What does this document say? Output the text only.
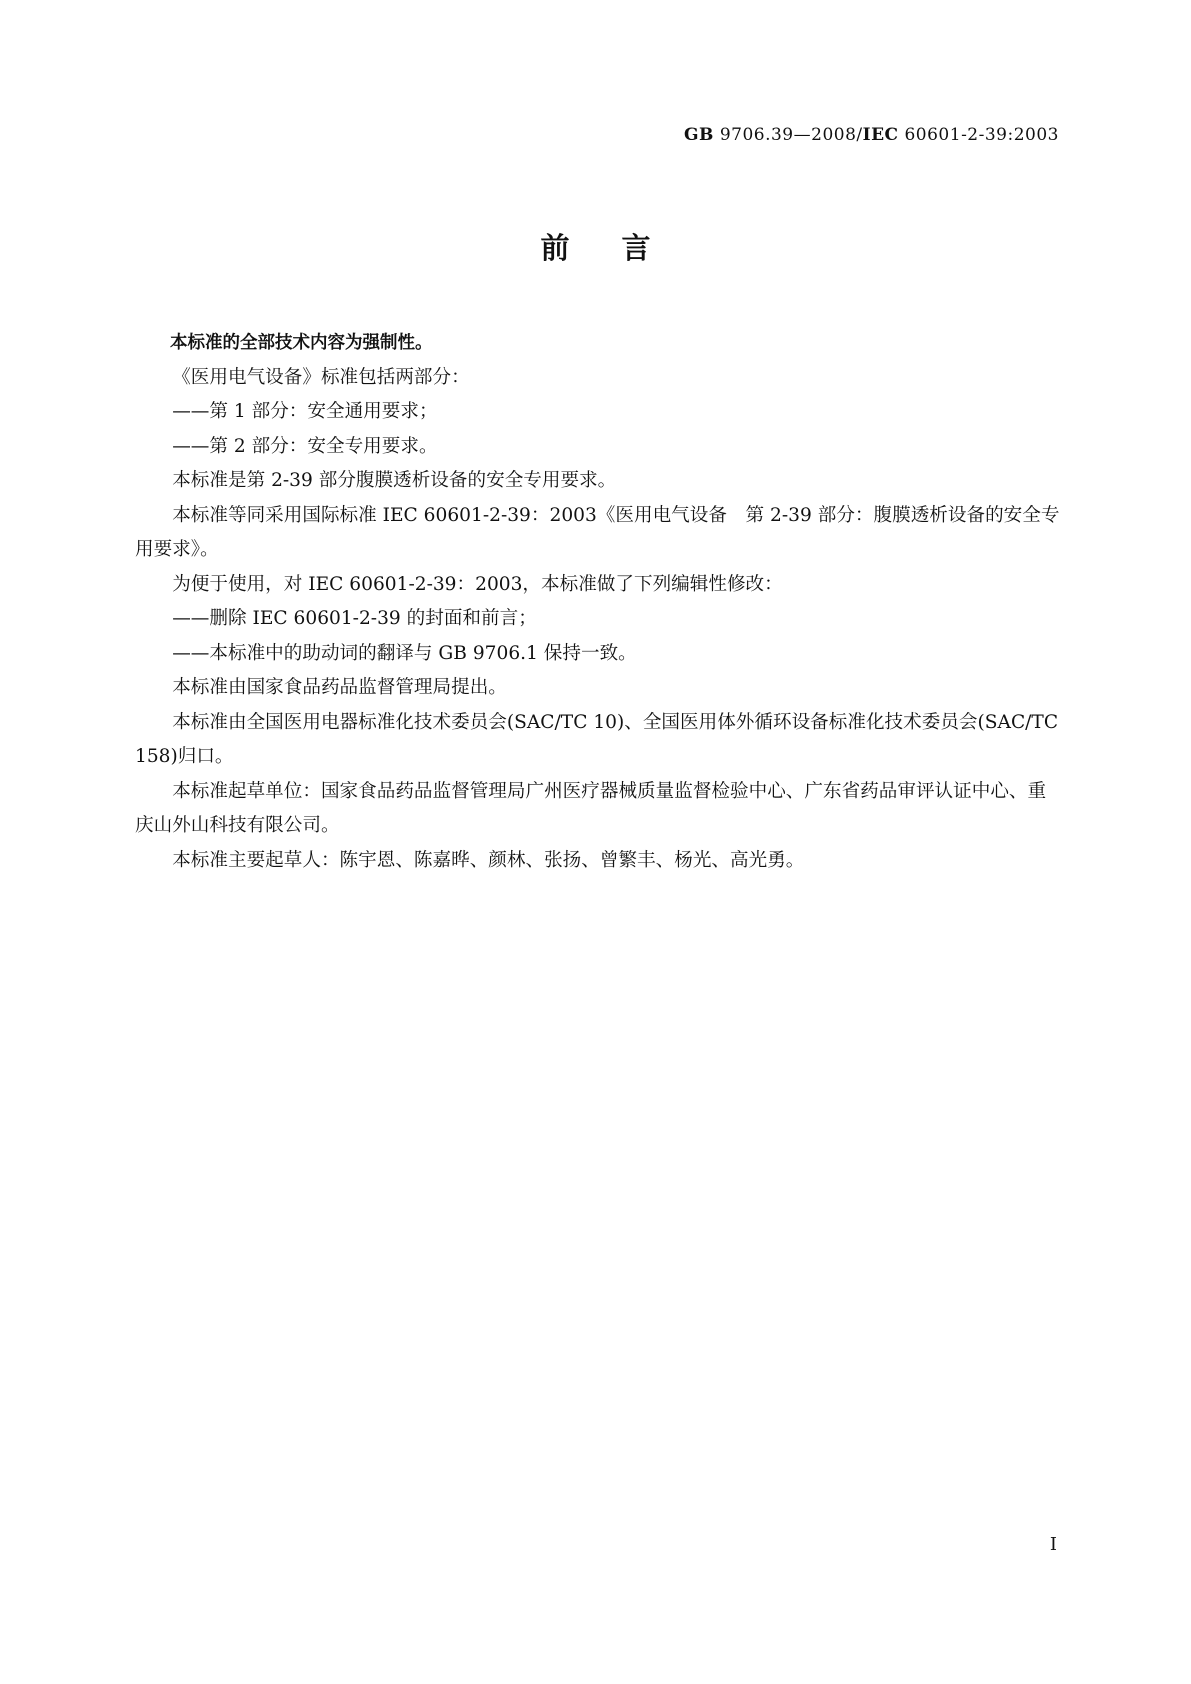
GB 9706.39—2008/IEC 60601-2-39:2003
前言

本标准的全部技术内容为强制性。

《医用电气设备》标准包括两部分：

——第 1 部分：安全通用要求；

——第 2 部分：安全专用要求。

本标准是第 2-39 部分腹膜透析设备的安全专用要求。

本标准等同采用国际标准 IEC 60601-2-39：2003《医用电气设备　第 2-39 部分：腹膜透析设备的安全专用要求》。

为便于使用，对 IEC 60601-2-39：2003，本标准做了下列编辑性修改：

——删除 IEC 60601-2-39 的封面和前言；

——本标准中的助动词的翻译与 GB 9706.1 保持一致。

本标准由国家食品药品监督管理局提出。

本标准由全国医用电器标准化技术委员会(SAC/TC 10)、全国医用体外循环设备标准化技术委员会(SAC/TC 158)归口。

本标准起草单位：国家食品药品监督管理局广州医疗器械质量监督检验中心、广东省药品审评认证中心、重庆山外山科技有限公司。

本标准主要起草人：陈宇恩、陈嘉晔、颜林、张扬、曾繁丰、杨光、高光勇。

I
